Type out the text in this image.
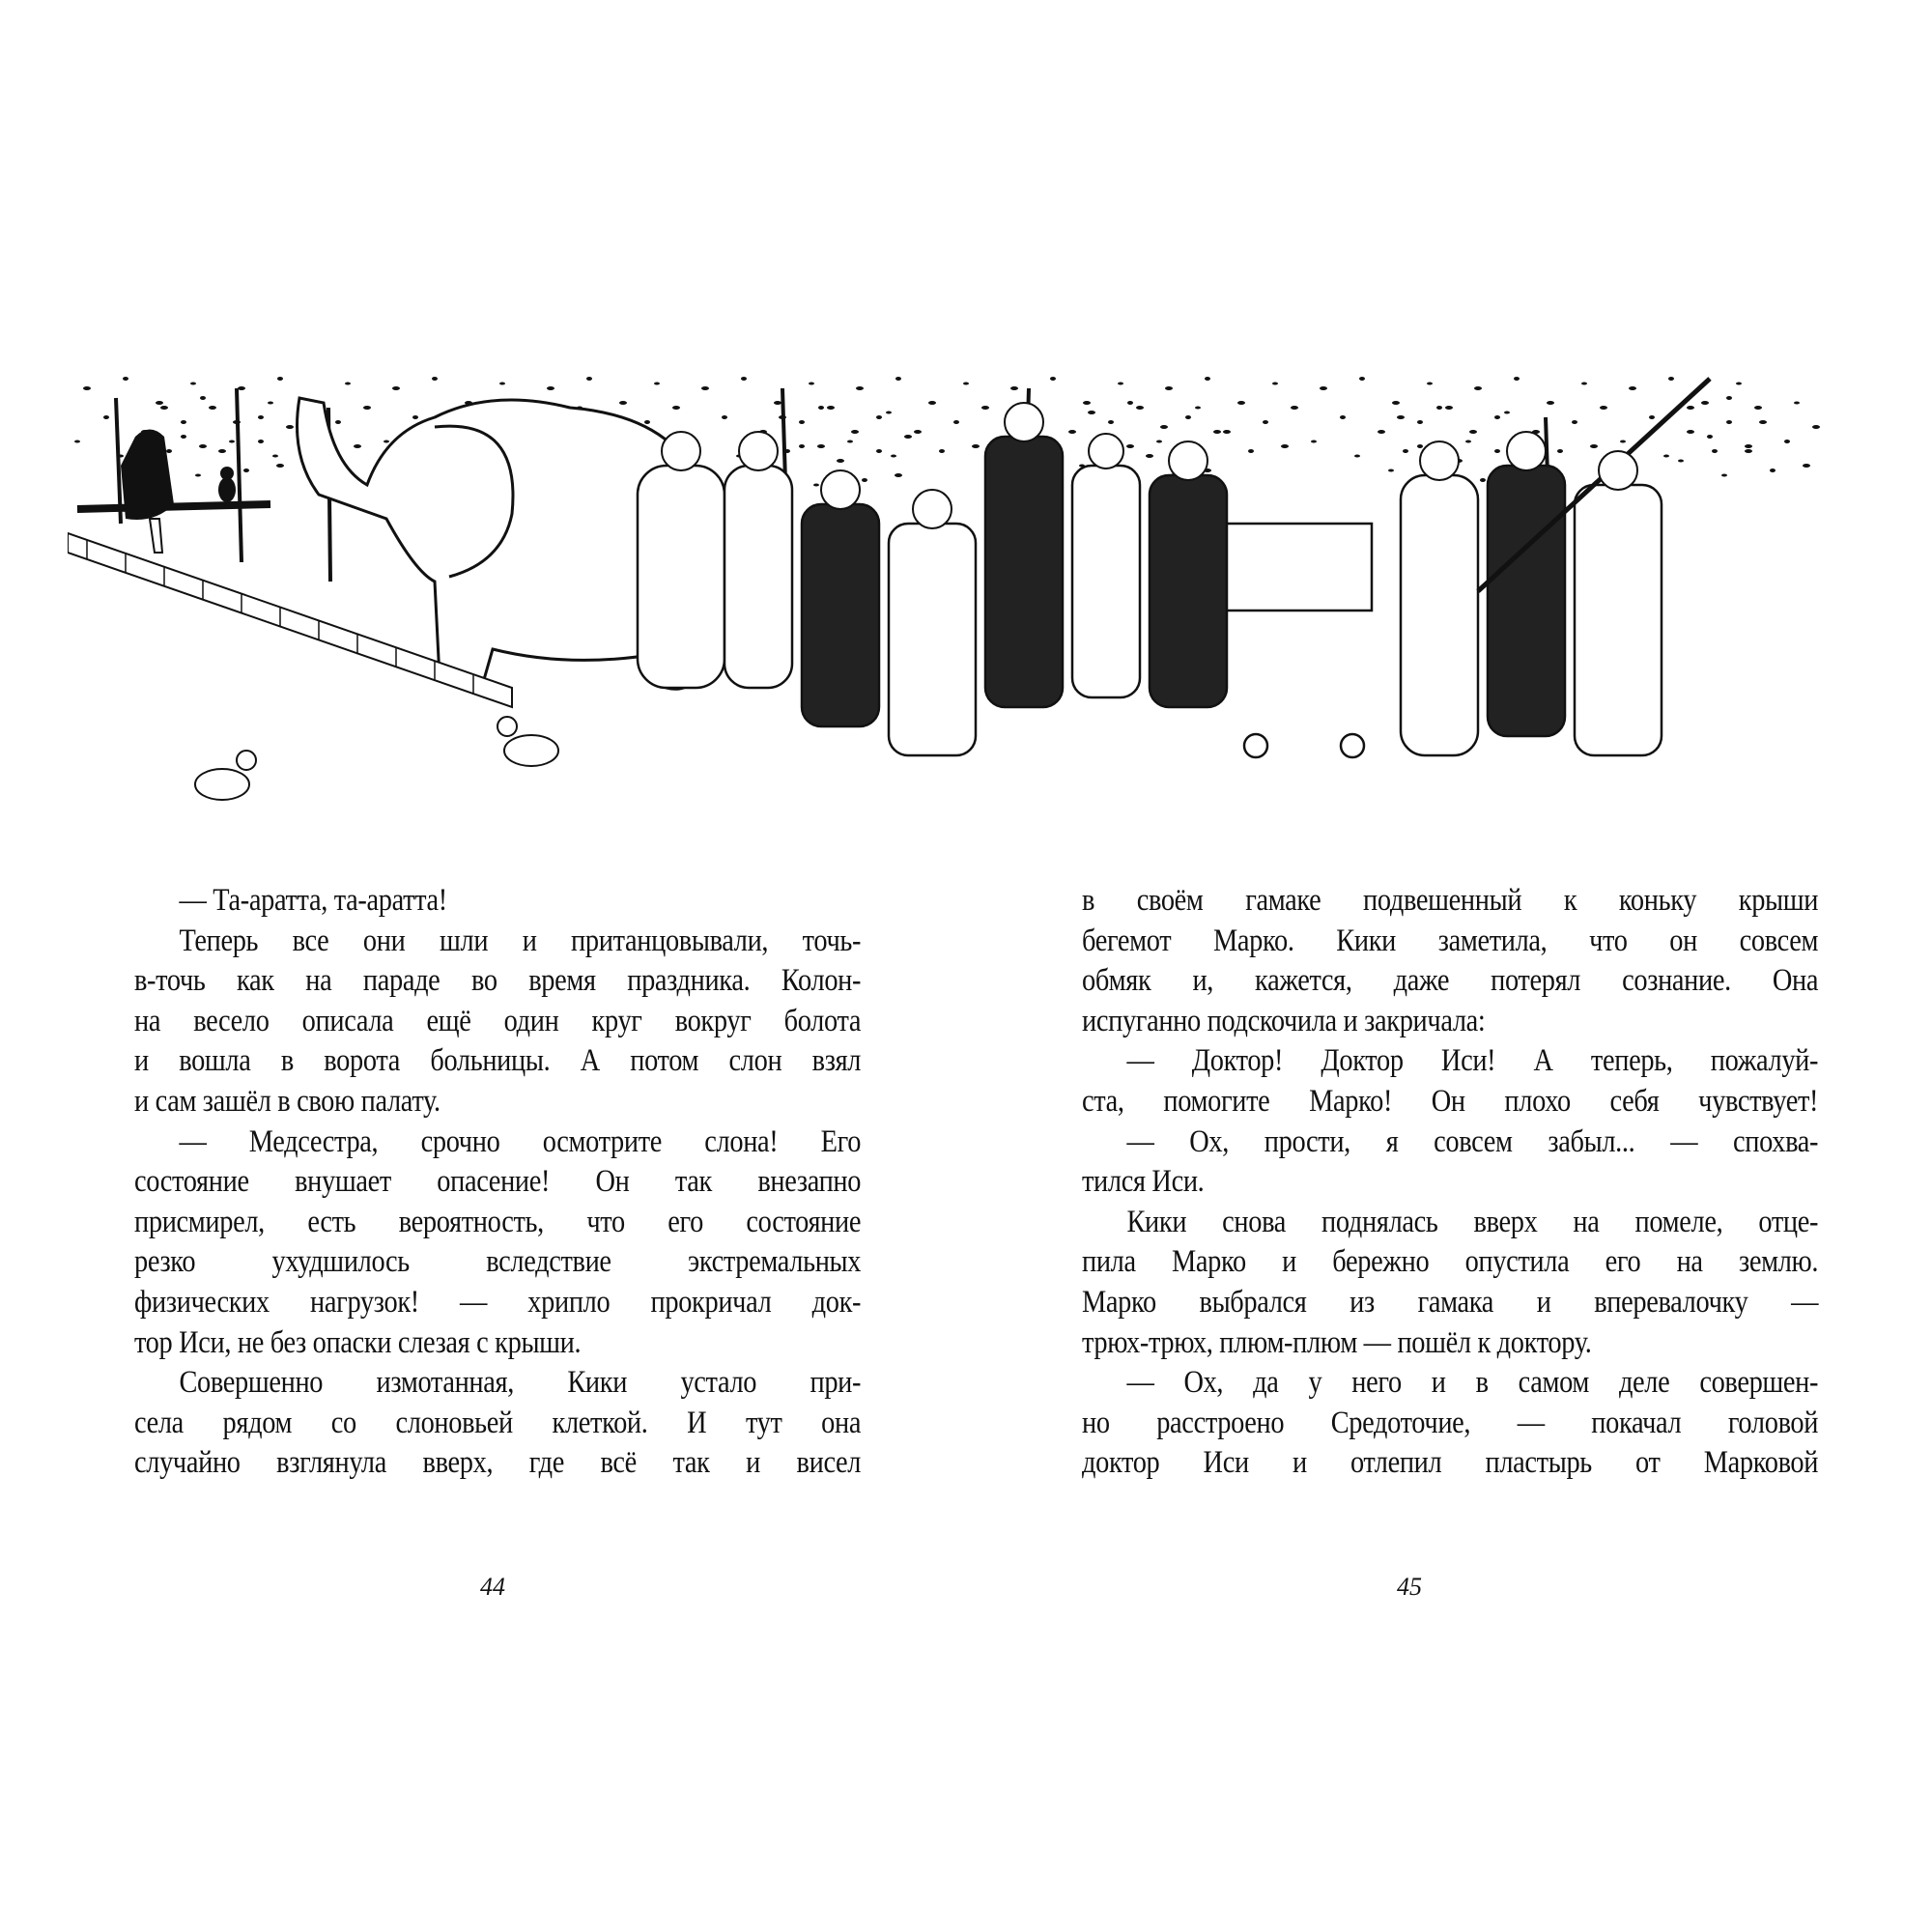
— Та-аратта, та-аратта!
Теперь все они шли и пританцовывали, точь-
в-точь как на параде во время праздника. Колон-
на весело описала ещё один круг вокруг болота
и вошла в ворота больницы. А потом слон взял
и сам зашёл в свою палату.
— Медсестра, срочно осмотрите слона! Его
состояние внушает опасение! Он так внезапно
присмирел, есть вероятность, что его состояние
резко ухудшилось вследствие экстремальных
физических нагрузок! — хрипло прокричал док-
тор Иси, не без опаски слезая с крыши.
Совершенно измотанная, Кики устало при-
села рядом со слоновьей клеткой. И тут она
случайно взглянула вверх, где всё так и висел
в своём гамаке подвешенный к коньку крыши
бегемот Марко. Кики заметила, что он совсем
обмяк и, кажется, даже потерял сознание. Она
испуганно подскочила и закричала:
— Доктор! Доктор Иси! А теперь, пожалуй-
ста, помогите Марко! Он плохо себя чувствует!
— Ох, прости, я совсем забыл... — спохва-
тился Иси.
Кики снова поднялась вверх на помеле, отце-
пила Марко и бережно опустила его на землю.
Марко выбрался из гамака и вперевалочку —
трюх-трюх, плюм-плюм — пошёл к доктору.
— Ох, да у него и в самом деле совершен-
но расстроено Средоточие, — покачал головой
доктор Иси и отлепил пластырь от Марковой
44	45
